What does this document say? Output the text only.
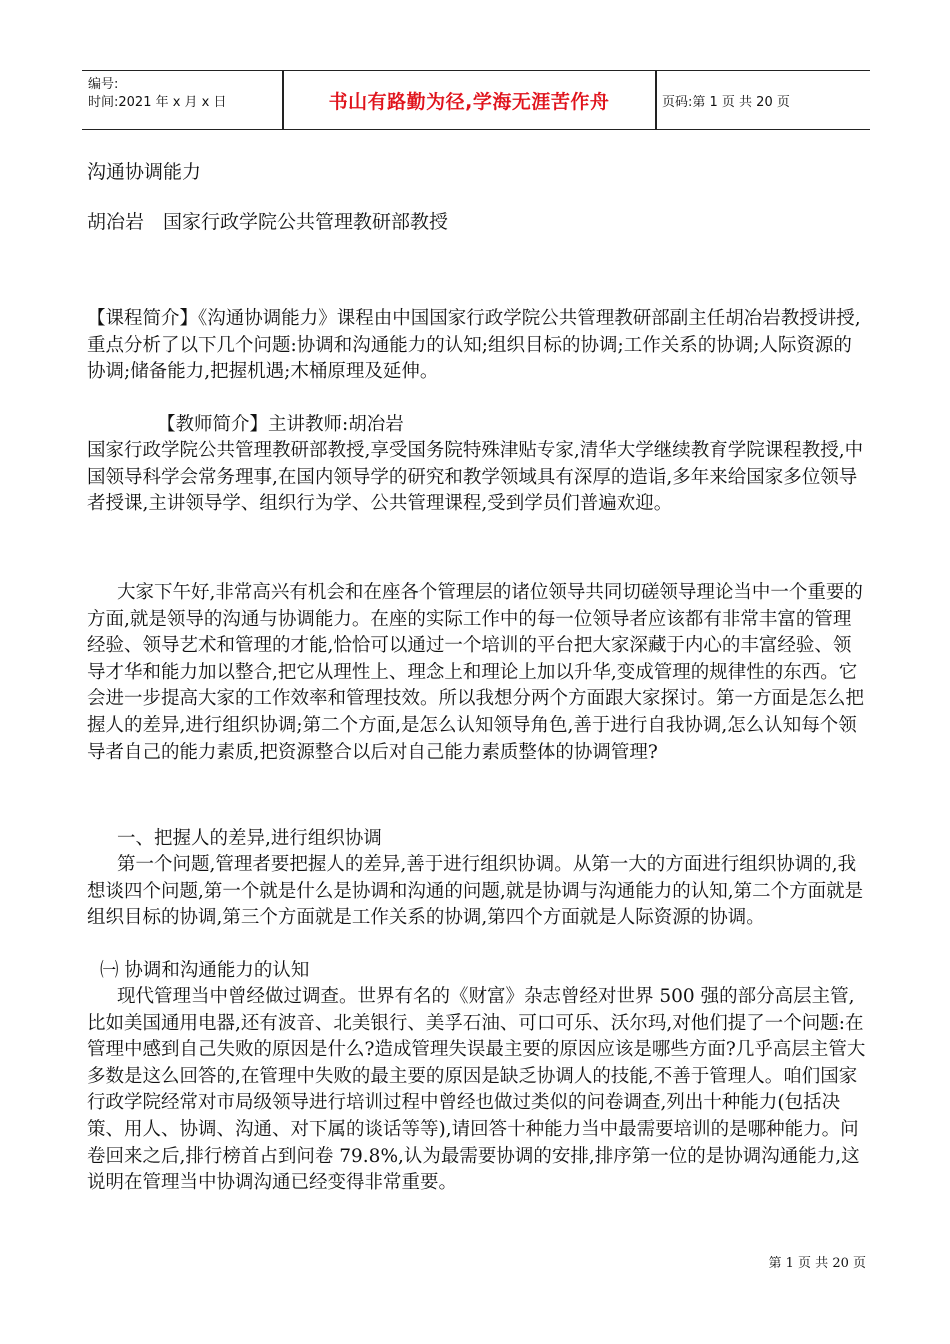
编号:
时间:2021 年 x 月 x 日	书山有路勤为径,学海无涯苦作舟	页码:第 1 页 共 20 页
沟通协调能力
胡冶岩　国家行政学院公共管理教研部教授

【课程简介】《沟通协调能力》课程由中国国家行政学院公共管理教研部副主任胡冶岩教授讲授,重点分析了以下几个问题:协调和沟通能力的认知;组织目标的协调;工作关系的协调;人际资源的协调;储备能力,把握机遇;木桶原理及延伸。

【教师简介】主讲教师:胡冶岩

国家行政学院公共管理教研部教授,享受国务院特殊津贴专家,清华大学继续教育学院课程教授,中国领导科学会常务理事,在国内领导学的研究和教学领域具有深厚的造诣,多年来给国家多位领导者授课,主讲领导学、组织行为学、公共管理课程,受到学员们普遍欢迎。

大家下午好,非常高兴有机会和在座各个管理层的诸位领导共同切磋领导理论当中一个重要的方面,就是领导的沟通与协调能力。在座的实际工作中的每一位领导者应该都有非常丰富的管理经验、领导艺术和管理的才能,恰恰可以通过一个培训的平台把大家深藏于内心的丰富经验、领导才华和能力加以整合,把它从理性上、理念上和理论上加以升华,变成管理的规律性的东西。它会进一步提高大家的工作效率和管理技效。所以我想分两个方面跟大家探讨。第一方面是怎么把握人的差异,进行组织协调;第二个方面,是怎么认知领导角色,善于进行自我协调,怎么认知每个领导者自己的能力素质,把资源整合以后对自己能力素质整体的协调管理?

一、把握人的差异,进行组织协调

第一个问题,管理者要把握人的差异,善于进行组织协调。从第一大的方面进行组织协调的,我想谈四个问题,第一个就是什么是协调和沟通的问题,就是协调与沟通能力的认知,第二个方面就是组织目标的协调,第三个方面就是工作关系的协调,第四个方面就是人际资源的协调。

㈠ 协调和沟通能力的认知

现代管理当中曾经做过调查。世界有名的《财富》杂志曾经对世界 500 强的部分高层主管,比如美国通用电器,还有波音、北美银行、美孚石油、可口可乐、沃尔玛,对他们提了一个问题:在管理中感到自己失败的原因是什么?造成管理失误最主要的原因应该是哪些方面?几乎高层主管大多数是这么回答的,在管理中失败的最主要的原因是缺乏协调人的技能,不善于管理人。咱们国家行政学院经常对市局级领导进行培训过程中曾经也做过类似的问卷调查,列出十种能力(包括决策、用人、协调、沟通、对下属的谈话等等),请回答十种能力当中最需要培训的是哪种能力。问卷回来之后,排行榜首占到问卷 79.8%,认为最需要协调的安排,排序第一位的是协调沟通能力,这说明在管理当中协调沟通已经变得非常重要。

第 1 页 共 20 页
